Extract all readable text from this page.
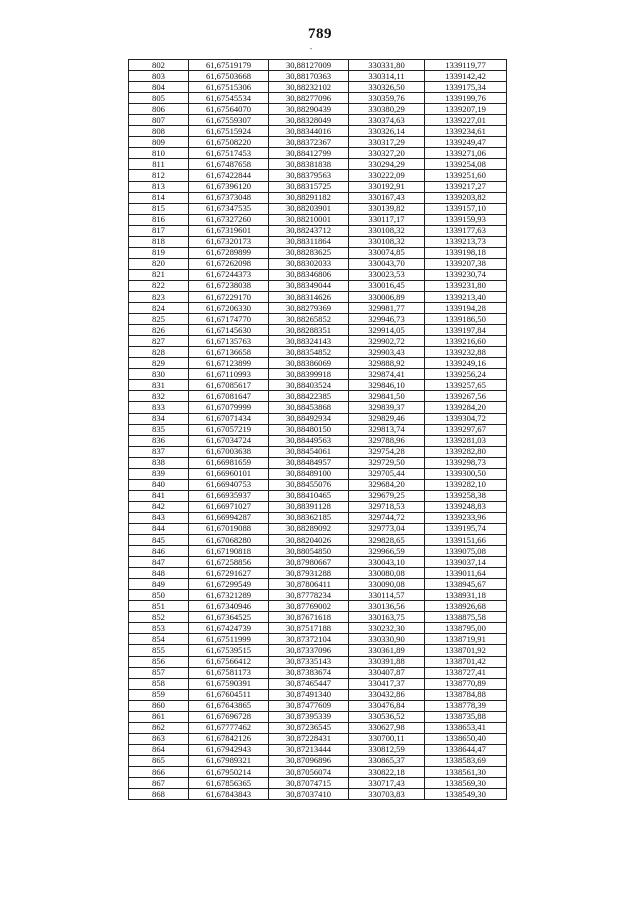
789
-
802	61,67519179	30,88127009	330331,80	1339119,77
803	61,67503668	30,88170363	330314,11	1339142,42
804	61,67515306	30,88232102	330326,50	1339175,34
805	61,67545534	30,88277096	330359,76	1339199,76
806	61,67564070	30,88290439	330380,29	1339207,19
807	61,67559307	30,88328049	330374,63	1339227,01
808	61,67515924	30,88344016	330326,14	1339234,61
809	61,67508220	30,88372367	330317,29	1339249,47
810	61,67517453	30,88412799	330327,20	1339271,06
811	61,67487658	30,88381838	330294,29	1339254,08
812	61,67422844	30,88379563	330222,09	1339251,60
813	61,67396120	30,88315725	330192,91	1339217,27
814	61,67373048	30,88291182	330167,43	1339203,82
815	61,67347535	30,88203901	330139,82	1339157,10
816	61,67327260	30,88210001	330117,17	1339159,93
817	61,67319601	30,88243712	330108,32	1339177,63
818	61,67320173	30,88311864	330108,32	1339213,73
819	61,67289899	30,88283625	330074,85	1339198,18
820	61,67262098	30,88302033	330043,70	1339207,38
821	61,67244373	30,88346806	330023,53	1339230,74
822	61,67238038	30,88349044	330016,45	1339231,80
823	61,67229170	30,88314626	330006,89	1339213,40
824	61,67206330	30,88279369	329981,77	1339194,28
825	61,67174770	30,88265852	329946,73	1339186,50
826	61,67145630	30,88288351	329914,05	1339197,84
827	61,67135763	30,88324143	329902,72	1339216,60
828	61,67136658	30,88354852	329903,43	1339232,88
829	61,67123899	30,88386069	329888,92	1339249,16
830	61,67110993	30,88399918	329874,41	1339256,24
831	61,67085617	30,88403524	329846,10	1339257,65
832	61,67081647	30,88422385	329841,50	1339267,56
833	61,67079999	30,88453868	329839,37	1339284,20
834	61,67071434	30,88492934	329829,46	1339304,72
835	61,67057219	30,88480150	329813,74	1339297,67
836	61,67034724	30,88449563	329788,96	1339281,03
837	61,67003638	30,88454061	329754,28	1339282,80
838	61,66981659	30,88484957	329729,50	1339298,73
839	61,66960101	30,88489100	329705,44	1339300,50
840	61,66940753	30,88455076	329684,20	1339282,10
841	61,66935937	30,88410465	329679,25	1339258,38
842	61,66971027	30,88391128	329718,53	1339248,83
843	61,66994287	30,88362185	329744,72	1339233,96
844	61,67019088	30,88289092	329773,04	1339195,74
845	61,67068280	30,88204026	329828,65	1339151,66
846	61,67190818	30,88054850	329966,59	1339075,08
847	61,67258856	30,87980667	330043,10	1339037,14
848	61,67291627	30,87931288	330080,08	1339011,64
849	61,67299549	30,87806411	330090,08	1338945,67
850	61,67321289	30,87778234	330114,57	1338931,18
851	61,67340946	30,87769002	330136,56	1338926,68
852	61,67364525	30,87671618	330163,75	1338875,58
853	61,67424739	30,87517188	330232,30	1338795,00
854	61,67511999	30,87372104	330330,90	1338719,91
855	61,67539515	30,87337096	330361,89	1338701,92
856	61,67566412	30,87335143	330391,88	1338701,42
857	61,67581173	30,87383674	330407,87	1338727,41
858	61,67590391	30,87465447	330417,37	1338770,89
859	61,67604511	30,87491340	330432,86	1338784,88
860	61,67643865	30,87477609	330476,84	1338778,39
861	61,67696728	30,87395339	330536,52	1338735,88
862	61,67777462	30,87236545	330627,98	1338653,41
863	61,67842126	30,87228431	330700,11	1338650,40
864	61,67942943	30,87213444	330812,59	1338644,47
865	61,67989321	30,87096896	330865,37	1338583,69
866	61,67950214	30,87056074	330822,18	1338561,30
867	61,67856365	30,87074715	330717,43	1338569,30
868	61,67843843	30,87037410	330703,83	1338549,30
